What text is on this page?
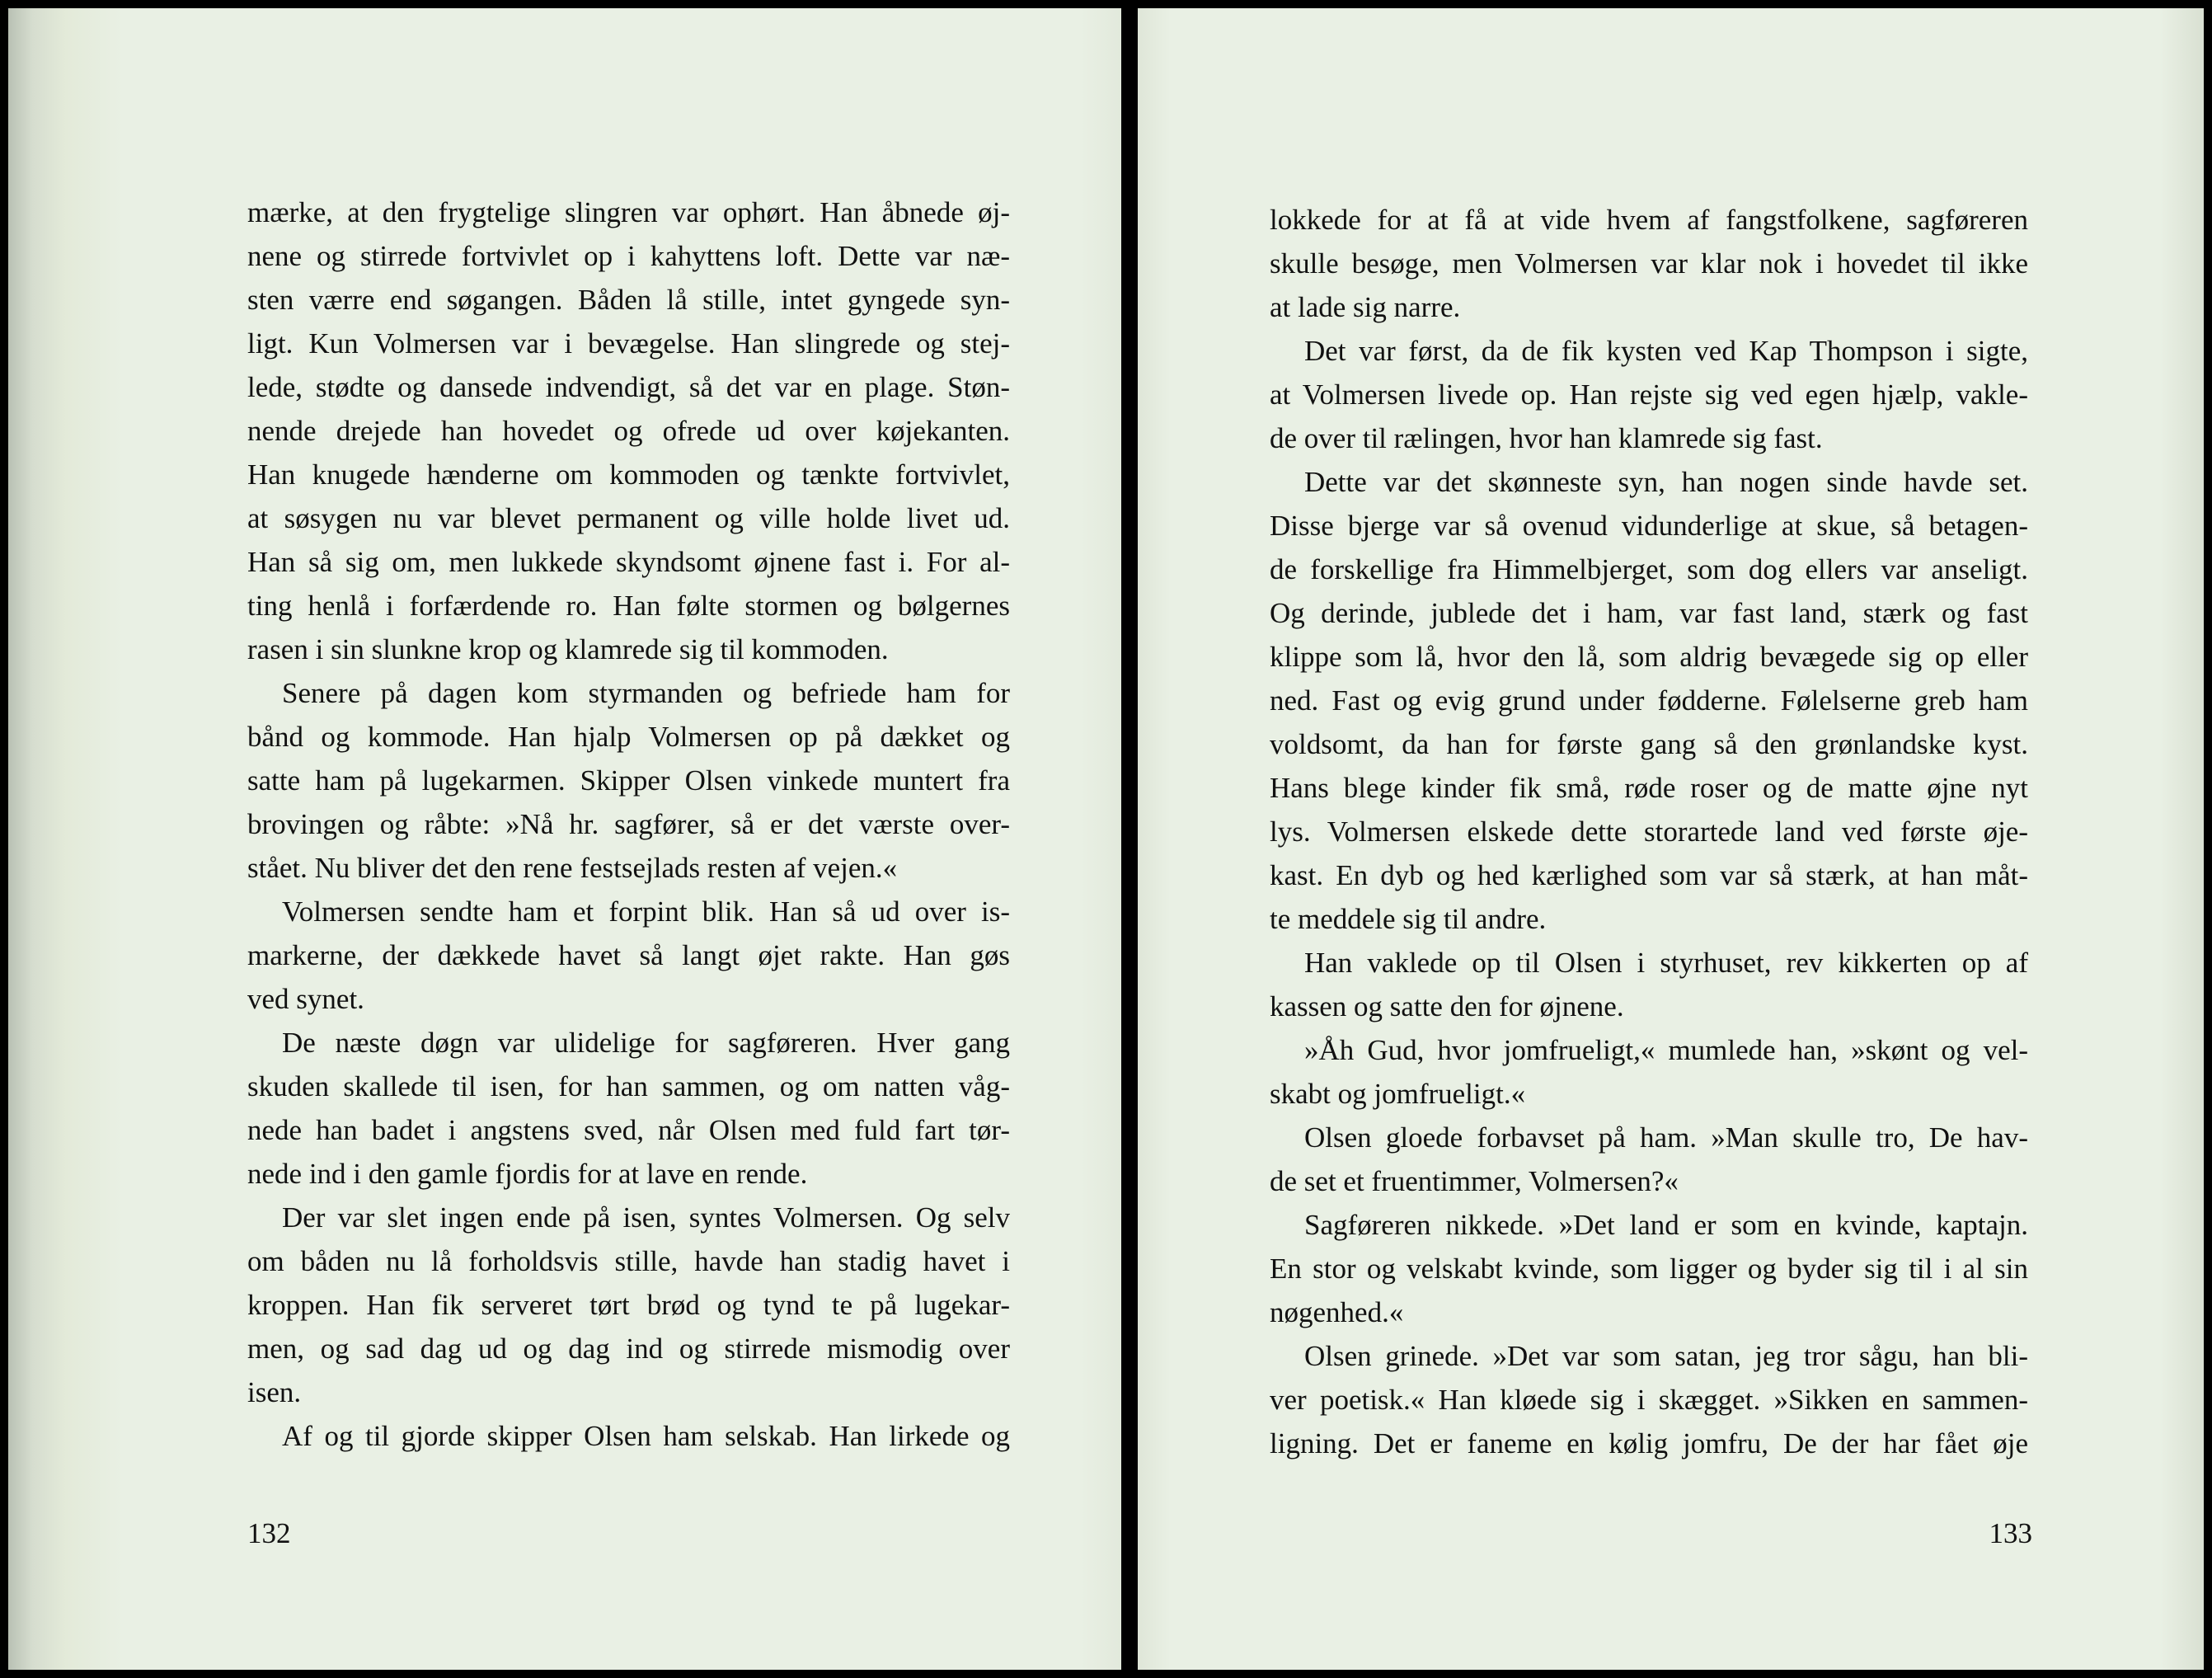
mærke, at den frygtelige slingren var ophørt. Han åbnede øj-
nene og stirrede fortvivlet op i kahyttens loft. Dette var næ-
sten værre end søgangen. Båden lå stille, intet gyngede syn-
ligt. Kun Volmersen var i bevægelse. Han slingrede og stej-
lede, stødte og dansede indvendigt, så det var en plage. Støn-
nende drejede han hovedet og ofrede ud over køjekanten.
Han knugede hænderne om kommoden og tænkte fortvivlet,
at søsygen nu var blevet permanent og ville holde livet ud.
Han så sig om, men lukkede skyndsomt øjnene fast i. For al-
ting henlå i forfærdende ro. Han følte stormen og bølgernes
rasen i sin slunkne krop og klamrede sig til kommoden.
Senere på dagen kom styrmanden og befriede ham for
bånd og kommode. Han hjalp Volmersen op på dækket og
satte ham på lugekarmen. Skipper Olsen vinkede muntert fra
brovingen og råbte: »Nå hr. sagfører, så er det værste over-
stået. Nu bliver det den rene festsejlads resten af vejen.«
Volmersen sendte ham et forpint blik. Han så ud over is-
markerne, der dækkede havet så langt øjet rakte. Han gøs
ved synet.
De næste døgn var ulidelige for sagføreren. Hver gang
skuden skallede til isen, for han sammen, og om natten våg-
nede han badet i angstens sved, når Olsen med fuld fart tør-
nede ind i den gamle fjordis for at lave en rende.
Der var slet ingen ende på isen, syntes Volmersen. Og selv
om båden nu lå forholdsvis stille, havde han stadig havet i
kroppen. Han fik serveret tørt brød og tynd te på lugekar-
men, og sad dag ud og dag ind og stirrede mismodig over
isen.
Af og til gjorde skipper Olsen ham selskab. Han lirkede og
132
lokkede for at få at vide hvem af fangstfolkene, sagføreren
skulle besøge, men Volmersen var klar nok i hovedet til ikke
at lade sig narre.
Det var først, da de fik kysten ved Kap Thompson i sigte,
at Volmersen livede op. Han rejste sig ved egen hjælp, vakle-
de over til rælingen, hvor han klamrede sig fast.
Dette var det skønneste syn, han nogen sinde havde set.
Disse bjerge var så ovenud vidunderlige at skue, så betagen-
de forskellige fra Himmelbjerget, som dog ellers var anseligt.
Og derinde, jublede det i ham, var fast land, stærk og fast
klippe som lå, hvor den lå, som aldrig bevægede sig op eller
ned. Fast og evig grund under fødderne. Følelserne greb ham
voldsomt, da han for første gang så den grønlandske kyst.
Hans blege kinder fik små, røde roser og de matte øjne nyt
lys. Volmersen elskede dette storartede land ved første øje-
kast. En dyb og hed kærlighed som var så stærk, at han måt-
te meddele sig til andre.
Han vaklede op til Olsen i styrhuset, rev kikkerten op af
kassen og satte den for øjnene.
»Åh Gud, hvor jomfrueligt,« mumlede han, »skønt og vel-
skabt og jomfrueligt.«
Olsen gloede forbavset på ham. »Man skulle tro, De hav-
de set et fruentimmer, Volmersen?«
Sagføreren nikkede. »Det land er som en kvinde, kaptajn.
En stor og velskabt kvinde, som ligger og byder sig til i al sin
nøgenhed.«
Olsen grinede. »Det var som satan, jeg tror sågu, han bli-
ver poetisk.« Han kløede sig i skægget. »Sikken en sammen-
ligning. Det er faneme en kølig jomfru, De der har fået øje
133
